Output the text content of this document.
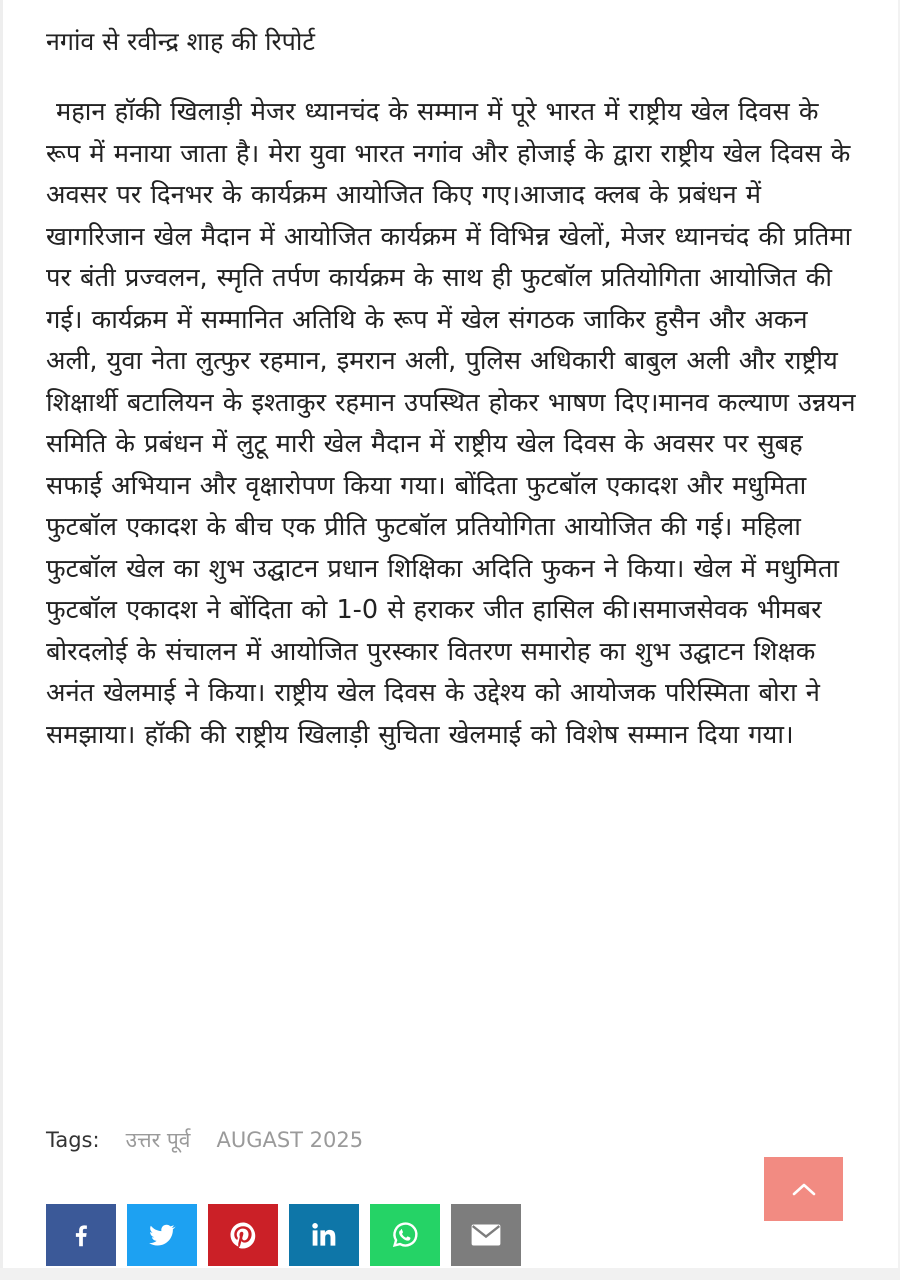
नगांव से रवीन्द्र शाह की रिपोर्ट

महान हॉकी खिलाड़ी मेजर ध्यानचंद के सम्मान में पूरे भारत में राष्ट्रीय खेल दिवस के रूप में मनाया जाता है। मेरा युवा भारत नगांव और होजाई के द्वारा राष्ट्रीय खेल दिवस के अवसर पर दिनभर के कार्यक्रम आयोजित किए गए।आजाद क्लब के प्रबंधन में खागरिजान खेल मैदान में आयोजित कार्यक्रम में विभिन्न खेलों, मेजर ध्यानचंद की प्रतिमा पर बंती प्रज्वलन, स्मृति तर्पण कार्यक्रम के साथ ही फुटबॉल प्रतियोगिता आयोजित की गई। कार्यक्रम में सम्मानित अतिथि के रूप में खेल संगठक जाकिर हुसैन और अकन अली, युवा नेता लुत्फुर रहमान, इमरान अली, पुलिस अधिकारी बाबुल अली और राष्ट्रीय शिक्षार्थी बटालियन के इश्ताकुर रहमान उपस्थित होकर भाषण दिए।मानव कल्याण उन्नयन समिति के प्रबंधन में लुटू मारी खेल मैदान में राष्ट्रीय खेल दिवस के अवसर पर सुबह सफाई अभियान और वृक्षारोपण किया गया। बोंदिता फुटबॉल एकादश और मधुमिता फुटबॉल एकादश के बीच एक प्रीति फुटबॉल प्रतियोगिता आयोजित की गई। महिला फुटबॉल खेल का शुभ उद्घाटन प्रधान शिक्षिका अदिति फुकन ने किया। खेल में मधुमिता फुटबॉल एकादश ने बोंदिता को 1-0 से हराकर जीत हासिल की।समाजसेवक भीमबर बोरदलोई के संचालन में आयोजित पुरस्कार वितरण समारोह का शुभ उद्घाटन शिक्षक अनंत खेलमाई ने किया। राष्ट्रीय खेल दिवस के उद्देश्य को आयोजक परिस्मिता बोरा ने समझाया। हॉकी की राष्ट्रीय खिलाड़ी सुचिता खेलमाई को विशेष सम्मान दिया गया।

Tags: उत्तर पूर्व AUGAST 2025
